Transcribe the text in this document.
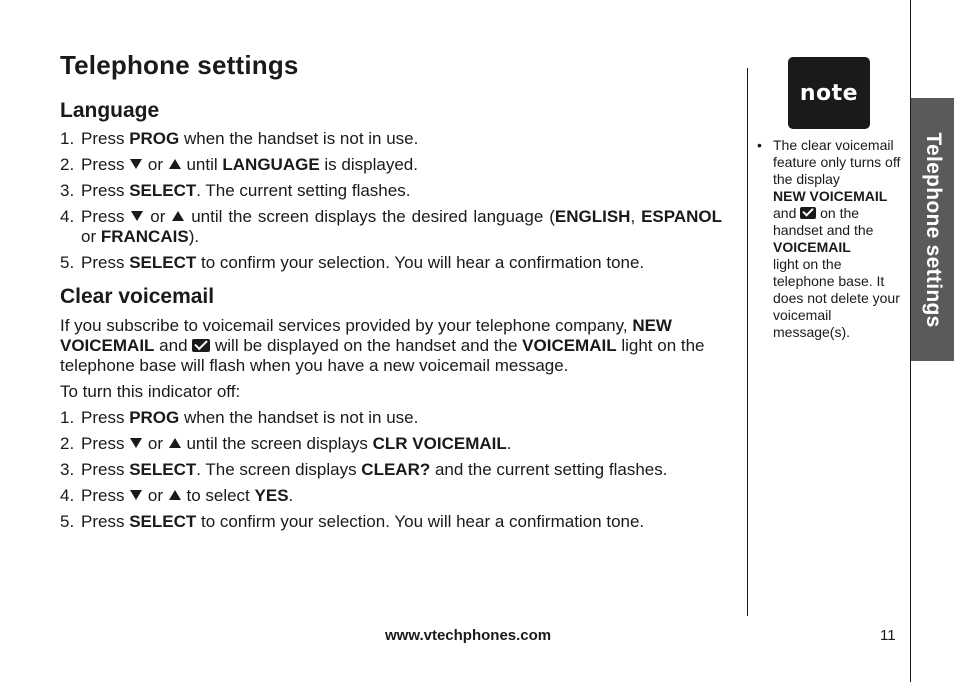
Telephone settings
Language
1. Press PROG when the handset is not in use.
2. Press  or  until LANGUAGE is displayed.
3. Press SELECT. The current setting flashes.
4. Press  or  until the screen displays the desired language (ENGLISH, ESPANOL or FRANCAIS).
5. Press SELECT to confirm your selection. You will hear a confirmation tone.
Clear voicemail

If you subscribe to voicemail services provided by your telephone company, NEW VOICEMAIL and  will be displayed on the handset and the VOICEMAIL light on the telephone base will flash when you have a new voicemail message.

To turn this indicator off:

1. Press PROG when the handset is not in use.
2. Press  or  until the screen displays CLR VOICEMAIL.
3. Press SELECT. The screen displays CLEAR? and the current setting flashes.
4. Press  or  to select YES.
5. Press SELECT to confirm your selection. You will hear a confirmation tone.
note
• The clear voicemail feature only turns off the display
NEW VOICEMAIL
and  on the handset and the
VOICEMAIL
light on the telephone base. It does not delete your voicemail message(s).
Telephone settings
www.vtechphones.com	11
